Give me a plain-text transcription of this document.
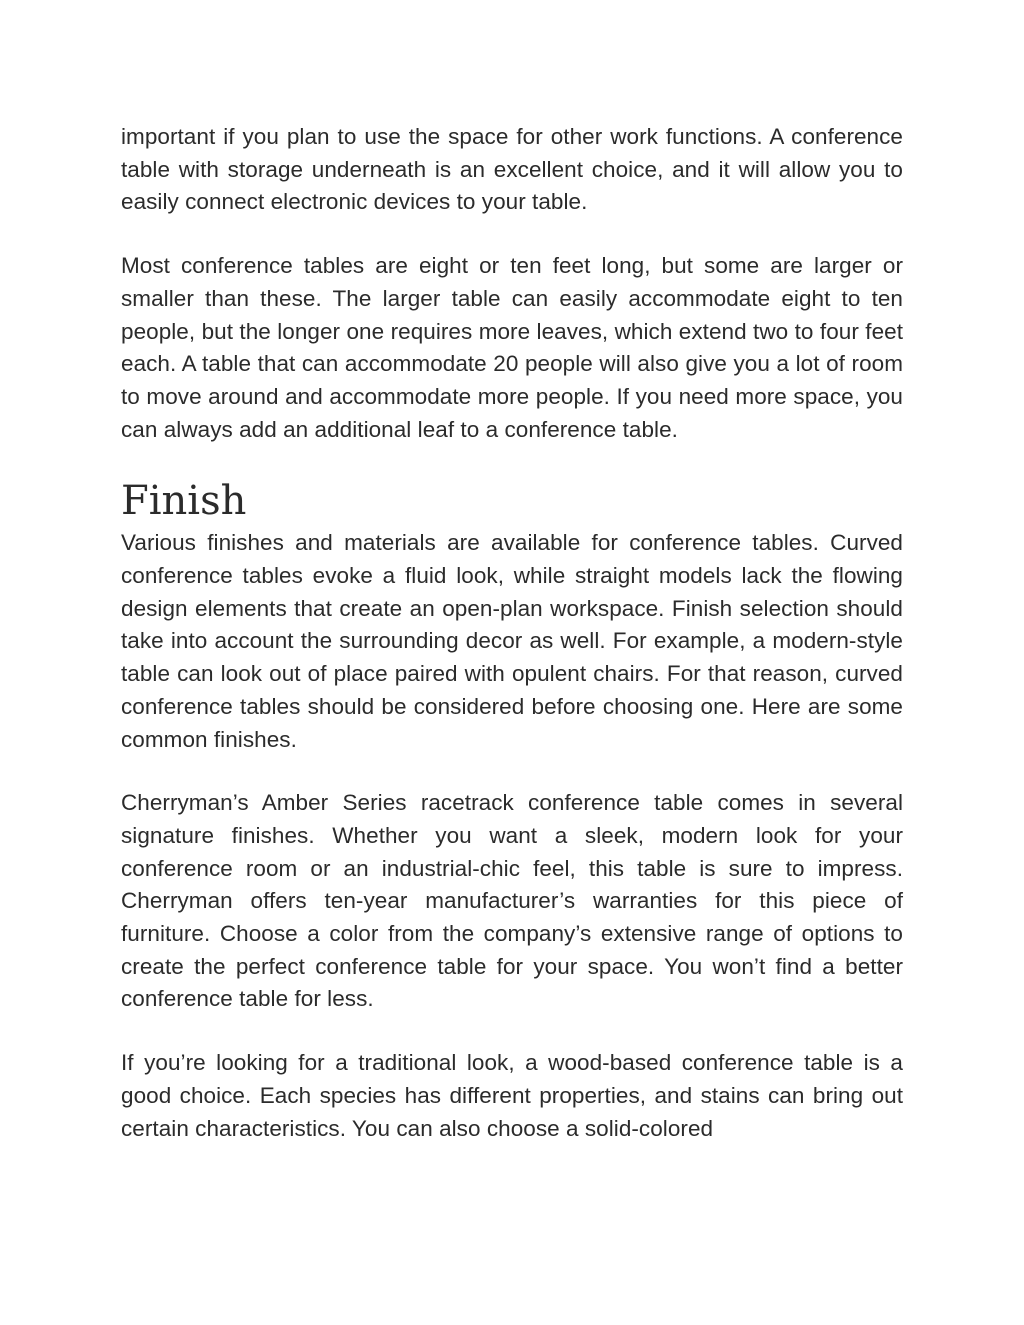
important if you plan to use the space for other work functions. A conference table with storage underneath is an excellent choice, and it will allow you to easily connect electronic devices to your table.

Most conference tables are eight or ten feet long, but some are larger or smaller than these. The larger table can easily accommodate eight to ten people, but the longer one requires more leaves, which extend two to four feet each. A table that can accommodate 20 people will also give you a lot of room to move around and accommodate more people. If you need more space, you can always add an additional leaf to a conference table.

Finish

Various finishes and materials are available for conference tables. Curved conference tables evoke a fluid look, while straight models lack the flowing design elements that create an open-plan workspace. Finish selection should take into account the surrounding decor as well. For example, a modern-style table can look out of place paired with opulent chairs. For that reason, curved conference tables should be considered before choosing one. Here are some common finishes.

Cherryman’s Amber Series racetrack conference table comes in several signature finishes. Whether you want a sleek, modern look for your conference room or an industrial-chic feel, this table is sure to impress. Cherryman offers ten-year manufacturer’s warranties for this piece of furniture. Choose a color from the company’s extensive range of options to create the perfect conference table for your space. You won’t find a better conference table for less.

If you’re looking for a traditional look, a wood-based conference table is a good choice. Each species has different properties, and stains can bring out certain characteristics. You can also choose a solid-colored
